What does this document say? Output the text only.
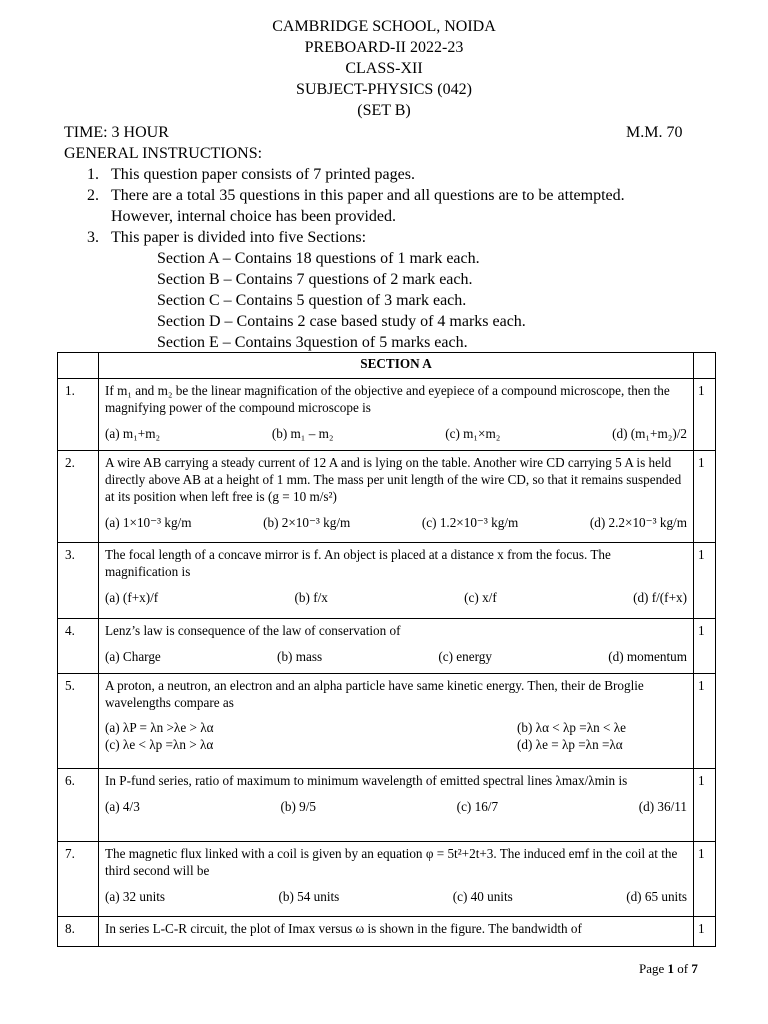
CAMBRIDGE SCHOOL, NOIDA
PREBOARD-II 2022-23
CLASS-XII
SUBJECT-PHYSICS (042)
(SET B)
TIME: 3 HOUR	M.M. 70
GENERAL INSTRUCTIONS:
1. This question paper consists of 7 printed pages.
2. There are a total 35 questions in this paper and all questions are to be attempted.
However, internal choice has been provided.
3. This paper is divided into five Sections:
Section A – Contains 18 questions of 1 mark each.
Section B – Contains 7 questions of 2 mark each.
Section C – Contains 5 question of 3 mark each.
Section D – Contains 2 case based study of 4 marks each.
Section E – Contains 3question of 5 marks each.
	SECTION A	
1.	If m₁ and m₂ be the linear magnification of the objective and eyepiece of a compound microscope, then the magnifying power of the compound microscope is
(a) m₁+m₂ (b) m₁ – m₂ (c) m₁×m₂ (d) (m₁+m₂)/2	1
2.	A wire AB carrying a steady current of 12 A and is lying on the table. Another wire CD carrying 5 A is held directly above AB at a height of 1 mm. The mass per unit length of the wire CD, so that it remains suspended at its position when left free is (g = 10 m/s²)
(a) 1×10⁻³ kg/m (b) 2×10⁻³ kg/m (c) 1.2×10⁻³ kg/m (d) 2.2×10⁻³ kg/m	1
3.	The focal length of a concave mirror is f. An object is placed at a distance x from the focus. The magnification is
(a) (f+x)/f (b) f/x (c) x/f (d) f/(f+x)	1
4.	Lenz’s law is consequence of the law of conservation of
(a) Charge (b) mass (c) energy (d) momentum	1
5.	A proton, a neutron, an electron and an alpha particle have same kinetic energy. Then, their de Broglie wavelengths compare as
(a) λP = λn >λe > λα (b) λα < λp =λn < λe
(c) λe < λp =λn > λα (d) λe = λp =λn =λα	1
6.	In P-fund series, ratio of maximum to minimum wavelength of emitted spectral lines λmax/λmin is
(a) 4/3 (b) 9/5 (c) 16/7 (d) 36/11	1
7.	The magnetic flux linked with a coil is given by an equation φ = 5t²+2t+3. The induced emf in the coil at the third second will be
(a) 32 units (b) 54 units (c) 40 units (d) 65 units	1
8.	In series L-C-R circuit, the plot of Imax versus ω is shown in the figure. The bandwidth of	1
Page 1 of 7
